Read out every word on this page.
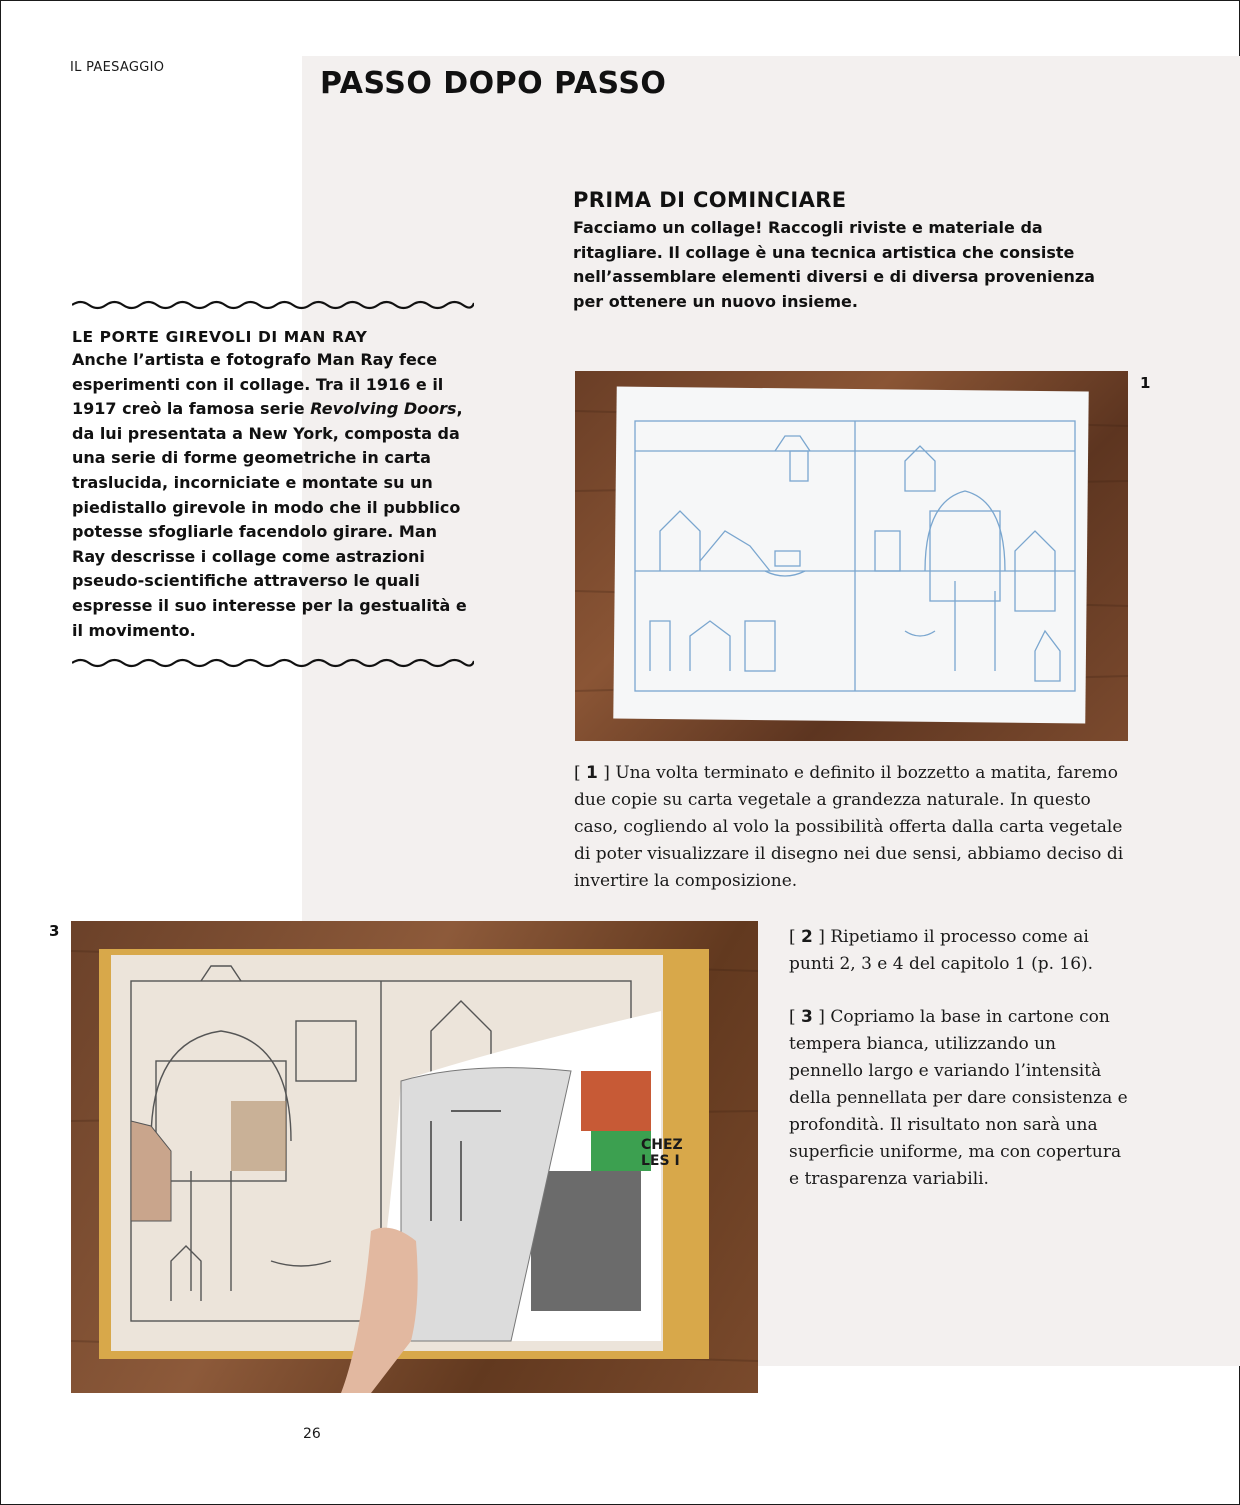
IL PAESAGGIO	PASSO DOPO PASSO
PRIMA DI COMINCIARE

Facciamo un collage! Raccogli riviste e materiale da ritagliare. Il collage è una tecnica artistica che consiste nell’assemblare elementi diversi e di diversa provenienza per ottenere un nuovo insieme.

LE PORTE GIREVOLI DI MAN RAY

Anche l’artista e fotografo Man Ray fece esperimenti con il collage. Tra il 1916 e il 1917 creò la famosa serie Revolving Doors, da lui presentata a New York, composta da una serie di forme geometriche in carta traslucida, incorniciate e montate su un piedistallo girevole in modo che il pubblico potesse sfogliarle facendolo girare. Man Ray descrisse i collage come astrazioni pseudo-scientifiche attraverso le quali espresse il suo interesse per la gestualità e il movimento.

1

[ 1 ] Una volta terminato e definito il bozzetto a matita, faremo due copie su carta vegetale a grandezza naturale. In questo caso, cogliendo al volo la possibilità offerta dalla carta vegetale di poter visualizzare il disegno nei due sensi, abbiamo deciso di invertire la composizione.

3
CHEZ
LES I

[ 2 ] Ripetiamo il processo come ai punti 2, 3 e 4 del capitolo 1 (p. 16).

[ 3 ] Copriamo la base in cartone con tempera bianca, utilizzando un pennello largo e variando l’intensità della pennellata per dare consistenza e profondità. Il risultato non sarà una superficie uniforme, ma con copertura e trasparenza variabili.

26
